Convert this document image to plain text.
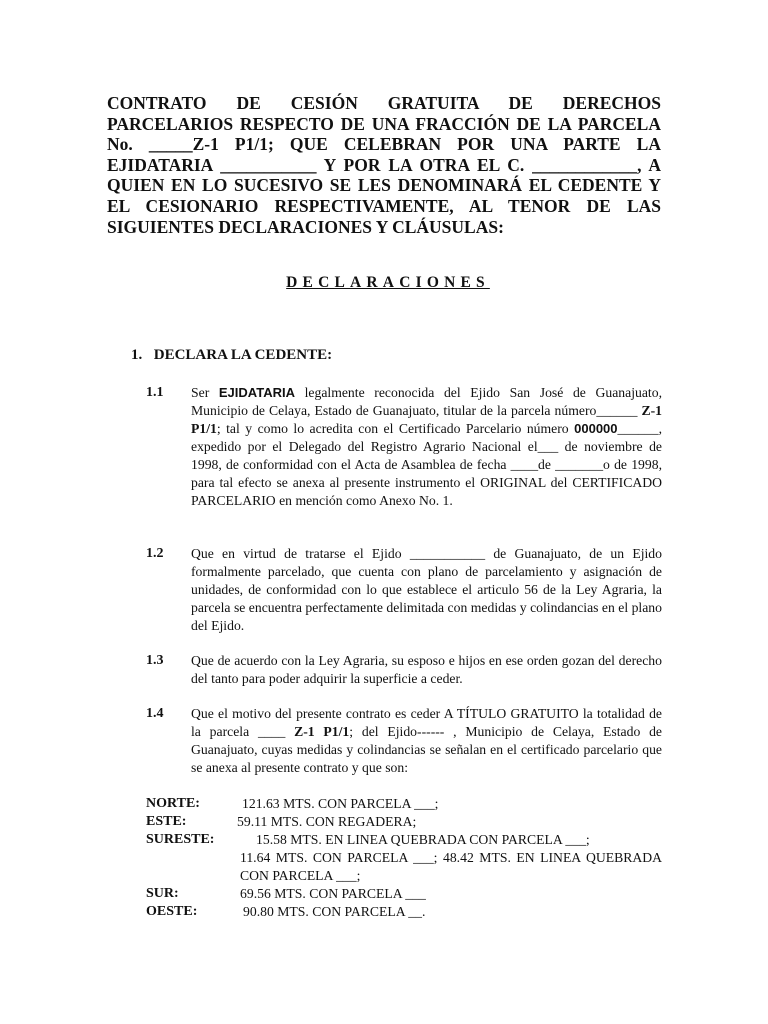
CONTRATO DE CESIÓN GRATUITA DE DERECHOS PARCELARIOS RESPECTO DE UNA FRACCIÓN DE LA PARCELA No. _____Z-1 P1/1; QUE CELEBRAN POR UNA PARTE LA EJIDATARIA ___________ Y POR LA OTRA EL C. ____________, A QUIEN EN LO SUCESIVO SE LES DENOMINARÁ EL CEDENTE Y EL CESIONARIO RESPECTIVAMENTE, AL TENOR DE LAS SIGUIENTES DECLARACIONES Y CLÁUSULAS:
DECLARACIONES
1. DECLARA LA CEDENTE:
1.1 Ser EJIDATARIA legalmente reconocida del Ejido San José de Guanajuato, Municipio de Celaya, Estado de Guanajuato, titular de la parcela número______ Z-1 P1/1; tal y como lo acredita con el Certificado Parcelario número 000000______, expedido por el Delegado del Registro Agrario Nacional el___ de noviembre de 1998, de conformidad con el Acta de Asamblea de fecha ____de _______o de 1998, para tal efecto se anexa al presente instrumento el ORIGINAL del CERTIFICADO PARCELARIO en mención como Anexo No. 1.
1.2 Que en virtud de tratarse el Ejido ___________ de Guanajuato, de un Ejido formalmente parcelado, que cuenta con plano de parcelamiento y asignación de unidades, de conformidad con lo que establece el articulo 56 de la Ley Agraria, la parcela se encuentra perfectamente delimitada con medidas y colindancias en el plano del Ejido.
1.3 Que de acuerdo con la Ley Agraria, su esposo e hijos en ese orden gozan del derecho del tanto para poder adquirir la superficie a ceder.
1.4 Que el motivo del presente contrato es ceder A TÍTULO GRATUITO la totalidad de la parcela ____ Z-1 P1/1; del Ejido------ , Municipio de Celaya, Estado de Guanajuato, cuyas medidas y colindancias se señalan en el certificado parcelario que se anexa al presente contrato y que son:
NORTE:	121.63 MTS. CON PARCELA ___;
ESTE:	59.11 MTS. CON REGADERA;
SURESTE:	15.58 MTS. EN LINEA QUEBRADA CON PARCELA ___;
11.64 MTS. CON PARCELA ___; 48.42 MTS. EN LINEA QUEBRADA CON PARCELA ___;
SUR:	69.56 MTS. CON PARCELA ___
OESTE:	90.80 MTS. CON PARCELA __.
